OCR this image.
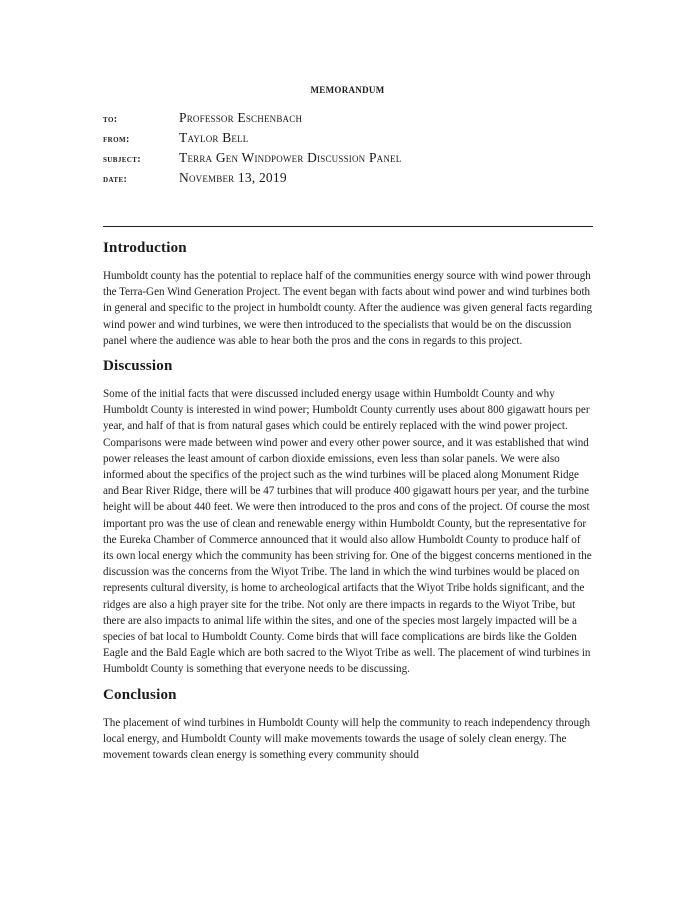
MEMORANDUM
to:	Professor Eschenbach
from:	Taylor Bell
subject:	Terra Gen Windpower Discussion Panel
date:	November 13, 2019
Introduction

Humboldt county has the potential to replace half of the communities energy source with wind power through the Terra-Gen Wind Generation Project. The event began with facts about wind power and wind turbines both in general and specific to the project in humboldt county. After the audience was given general facts regarding wind power and wind turbines, we were then introduced to the specialists that would be on the discussion panel where the audience was able to hear both the pros and the cons in regards to this project.

Discussion

Some of the initial facts that were discussed included energy usage within Humboldt County and why Humboldt County is interested in wind power; Humboldt County currently uses about 800 gigawatt hours per year, and half of that is from natural gases which could be entirely replaced with the wind power project. Comparisons were made between wind power and every other power source, and it was established that wind power releases the least amount of carbon dioxide emissions, even less than solar panels. We were also informed about the specifics of the project such as the wind turbines will be placed along Monument Ridge and Bear River Ridge, there will be 47 turbines that will produce 400 gigawatt hours per year, and the turbine height will be about 440 feet. We were then introduced to the pros and cons of the project. Of course the most important pro was the use of clean and renewable energy within Humboldt County, but the representative for the Eureka Chamber of Commerce announced that it would also allow Humboldt County to produce half of its own local energy which the community has been striving for. One of the biggest concerns mentioned in the discussion was the concerns from the Wiyot Tribe. The land in which the wind turbines would be placed on represents cultural diversity, is home to archeological artifacts that the Wiyot Tribe holds significant, and the ridges are also a high prayer site for the tribe. Not only are there impacts in regards to the Wiyot Tribe, but there are also impacts to animal life within the sites, and one of the species most largely impacted will be a species of bat local to Humboldt County. Come birds that will face complications are birds like the Golden Eagle and the Bald Eagle which are both sacred to the Wiyot Tribe as well. The placement of wind turbines in Humboldt County is something that everyone needs to be discussing.

Conclusion

The placement of wind turbines in Humboldt County will help the community to reach independency through local energy, and Humboldt County will make movements towards the usage of solely clean energy. The movement towards clean energy is something every community should
